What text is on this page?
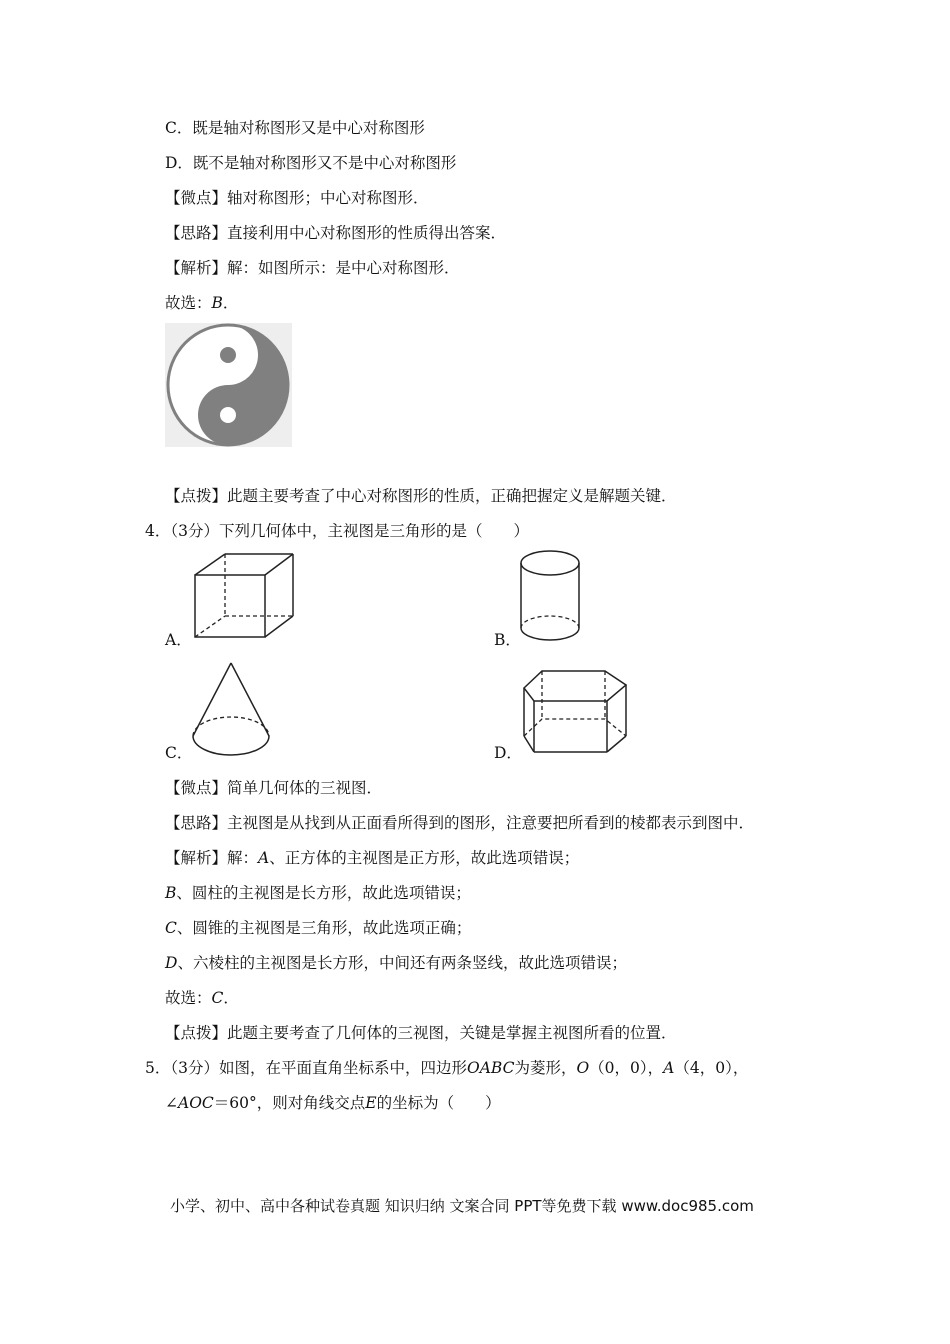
C．既是轴对称图形又是中心对称图形
D．既不是轴对称图形又不是中心对称图形
【微点】轴对称图形；中心对称图形．
【思路】直接利用中心对称图形的性质得出答案．
【解析】解：如图所示：是中心对称图形．
故选：B．
【点拨】此题主要考查了中心对称图形的性质，正确把握定义是解题关键．
4．（3分）下列几何体中，主视图是三角形的是（　　）
A．	B．
C．	D．
【微点】简单几何体的三视图．
【思路】主视图是从找到从正面看所得到的图形，注意要把所看到的棱都表示到图中．
【解析】解：A、正方体的主视图是正方形，故此选项错误；
B、圆柱的主视图是长方形，故此选项错误；
C、圆锥的主视图是三角形，故此选项正确；
D、六棱柱的主视图是长方形，中间还有两条竖线，故此选项错误；
故选：C．
【点拨】此题主要考查了几何体的三视图，关键是掌握主视图所看的位置．
5．（3分）如图，在平面直角坐标系中，四边形OABC为菱形，O（0，0），A（4，0），
∠AOC＝60°，则对角线交点E的坐标为（　　）
小学、初中、高中各种试卷真题 知识归纳 文案合同 PPT等免费下载 www.doc985.com
